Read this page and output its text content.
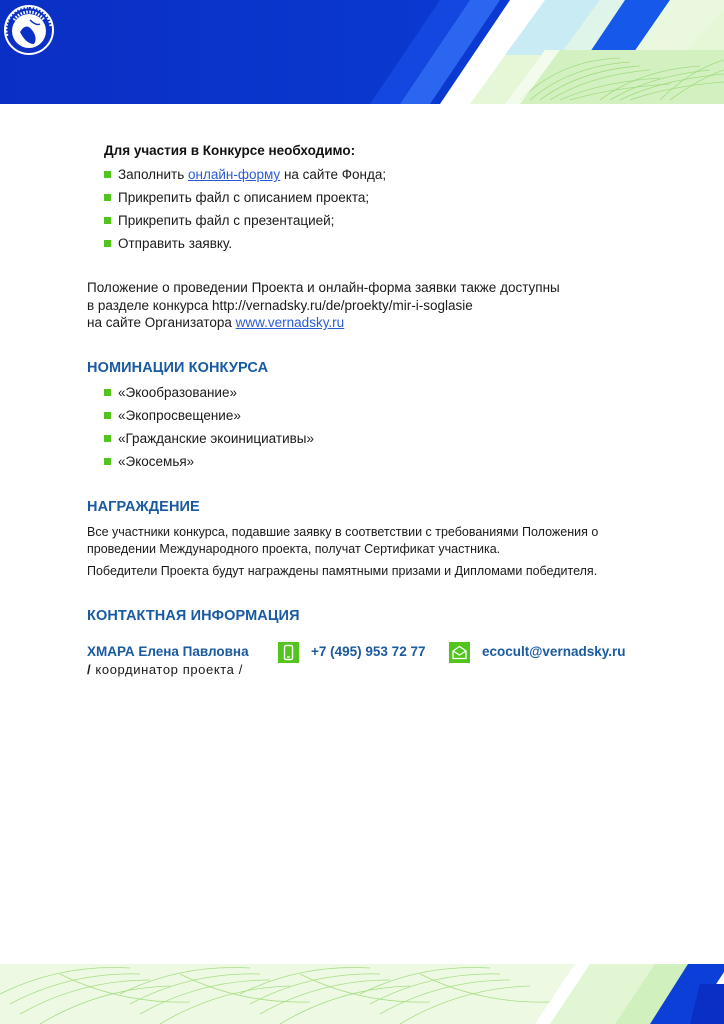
Для участия в Конкурсе необходимо:
Заполнить онлайн-форму на сайте Фонда;
Прикрепить файл с описанием проекта;
Прикрепить файл с презентацией;
Отправить заявку.
Положение о проведении Проекта и онлайн-форма заявки также доступны
в разделе конкурса http://vernadsky.ru/de/proekty/mir-i-soglasie
на сайте Организатора www.vernadsky.ru
НОМИНАЦИИ КОНКУРСА
«Экообразование»
«Экопросвещение»
«Гражданские экоинициативы»
«Экосемья»
НАГРАЖДЕНИЕ
Все участники конкурса, подавшие заявку в соответствии с требованиями Положения о проведении Международного проекта, получат Сертификат участника.
Победители Проекта будут награждены памятными призами и Дипломами победителя.
КОНТАКТНАЯ ИНФОРМАЦИЯ
ХМАРА Елена Павловна
/ координатор проекта /
+7 (495) 953 72 77	ecocult@vernadsky.ru
